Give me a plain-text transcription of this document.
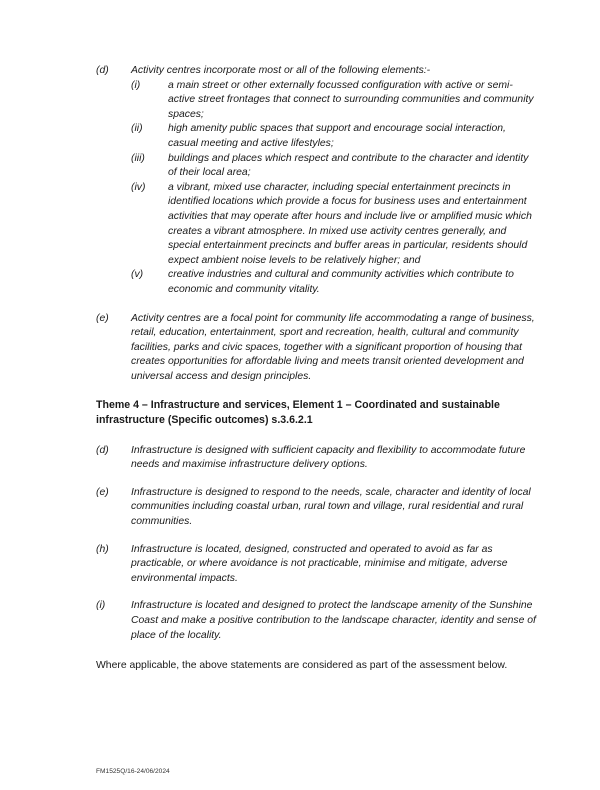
(d) Activity centres incorporate most or all of the following elements:-
(i)	a main street or other externally focussed configuration with active or semi-active street frontages that connect to surrounding communities and community spaces;
(ii) high amenity public spaces that support and encourage social interaction, casual meeting and active lifestyles;
(iii) buildings and places which respect and contribute to the character and identity of their local area;
(iv) a vibrant, mixed use character, including special entertainment precincts in identified locations which provide a focus for business uses and entertainment activities that may operate after hours and include live or amplified music which creates a vibrant atmosphere. In mixed use activity centres generally, and special entertainment precincts and buffer areas in particular, residents should expect ambient noise levels to be relatively higher; and
(v) creative industries and cultural and community activities which contribute to economic and community vitality.
(e) Activity centres are a focal point for community life accommodating a range of business, retail, education, entertainment, sport and recreation, health, cultural and community facilities, parks and civic spaces, together with a significant proportion of housing that creates opportunities for affordable living and meets transit oriented development and universal access and design principles.
Theme 4 – Infrastructure and services, Element 1 – Coordinated and sustainable infrastructure (Specific outcomes) s.3.6.2.1
(d) Infrastructure is designed with sufficient capacity and flexibility to accommodate future needs and maximise infrastructure delivery options.
(e) Infrastructure is designed to respond to the needs, scale, character and identity of local communities including coastal urban, rural town and village, rural residential and rural communities.
(h) Infrastructure is located, designed, constructed and operated to avoid as far as practicable, or where avoidance is not practicable, minimise and mitigate, adverse environmental impacts.
(i) Infrastructure is located and designed to protect the landscape amenity of the Sunshine Coast and make a positive contribution to the landscape character, identity and sense of place of the locality.
Where applicable, the above statements are considered as part of the assessment below.
FM1525Q/16-24/06/2024
